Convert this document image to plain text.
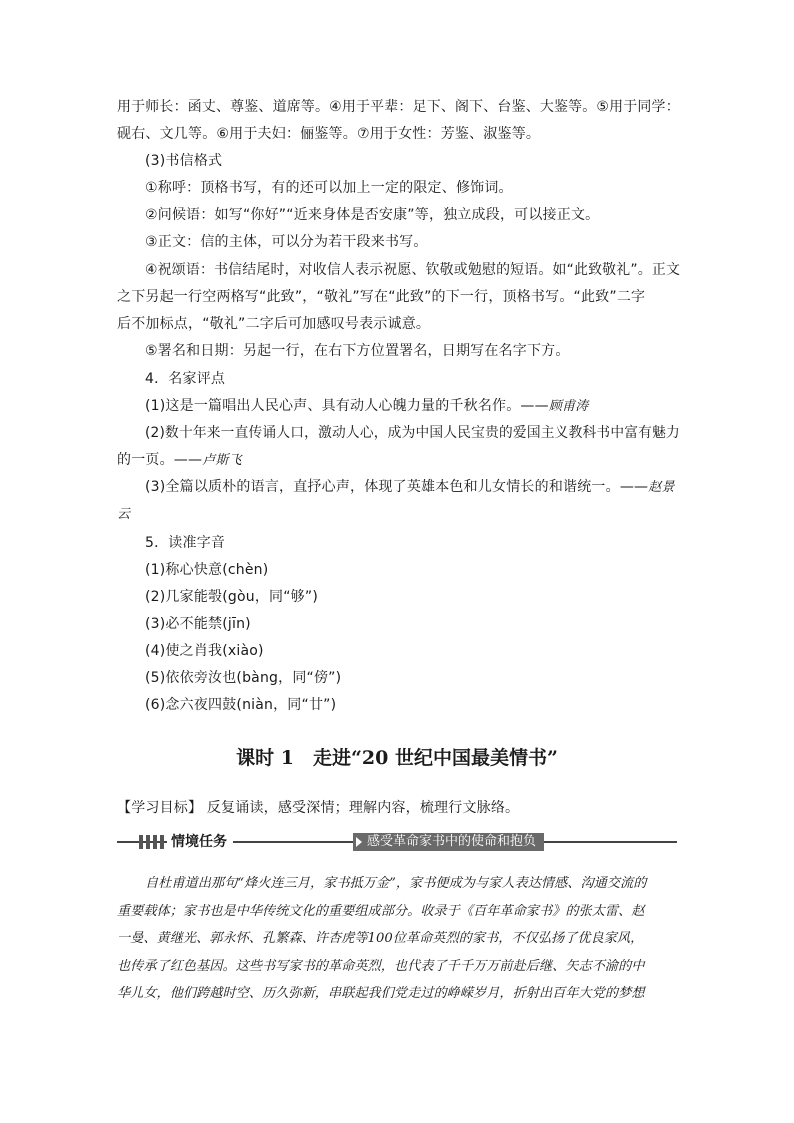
用于师长：函丈、尊鉴、道席等。④用于平辈：足下、阁下、台鉴、大鉴等。⑤用于同学：
砚右、文几等。⑥用于夫妇：俪鉴等。⑦用于女性：芳鉴、淑鉴等。
(3)书信格式
①称呼：顶格书写，有的还可以加上一定的限定、修饰词。
②问候语：如写“你好”“近来身体是否安康”等，独立成段，可以接正文。
③正文：信的主体，可以分为若干段来书写。
④祝颂语：书信结尾时，对收信人表示祝愿、钦敬或勉慰的短语。如“此致敬礼”。正文
之下另起一行空两格写“此致”，“敬礼”写在“此致”的下一行，顶格书写。“此致”二字
后不加标点，“敬礼”二字后可加感叹号表示诚意。
⑤署名和日期：另起一行，在右下方位置署名，日期写在名字下方。
4．名家评点
(1)这是一篇唱出人民心声、具有动人心魄力量的千秋名作。——顾甫涛
(2)数十年来一直传诵人口，激动人心，成为中国人民宝贵的爱国主义教科书中富有魅力
的一页。——卢斯飞
(3)全篇以质朴的语言，直抒心声，体现了英雄本色和儿女情长的和谐统一。——赵景
云
5．读准字音
(1)称心快意(chèn)
(2)几家能彀(gòu，同“够”)
(3)必不能禁(jīn)
(4)使之肖我(xiào)
(5)依依旁汝也(bàng，同“傍”)
(6)念六夜四鼓(niàn，同“廿”)
课时 1　走进“20 世纪中国最美情书”
【学习目标】 反复诵读，感受深情；理解内容，梳理行文脉络。
情境任务	感受革命家书中的使命和抱负
自杜甫道出那句“烽火连三月，家书抵万金”，家书便成为与家人表达情感、沟通交流的
重要载体；家书也是中华传统文化的重要组成部分。收录于《百年革命家书》的张太雷、赵
一曼、黄继光、郭永怀、孔繁森、许杏虎等100位革命英烈的家书，不仅弘扬了优良家风，
也传承了红色基因。这些书写家书的革命英烈，也代表了千千万万前赴后继、矢志不渝的中
华儿女，他们跨越时空、历久弥新，串联起我们党走过的峥嵘岁月，折射出百年大党的梦想
